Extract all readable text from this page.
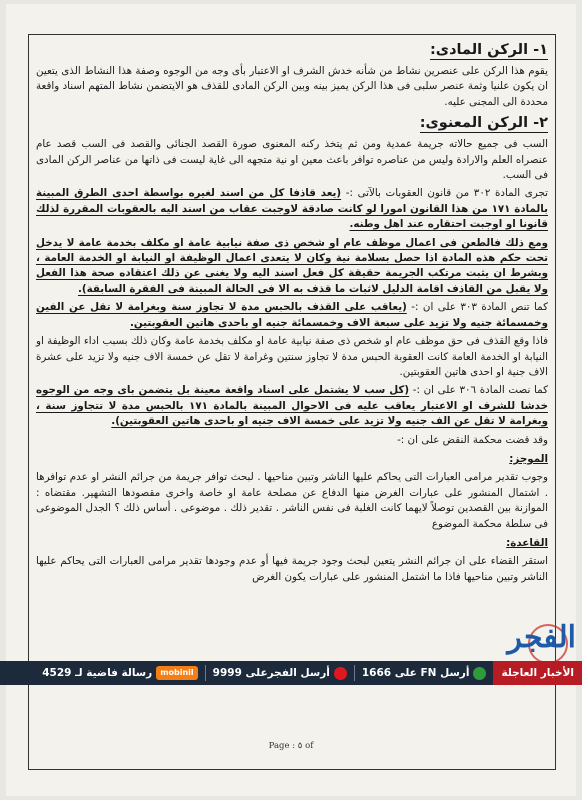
١- الركن المادى:

يقوم هذا الركن على عنصرين نشاط من شأنه خدش الشرف او الاعتبار بأى وجه من الوجوه وصفة هذا النشاط الذى يتعين ان يكون علنيا وثمة عنصر سلبى فى هذا الركن يميز بينه وبين الركن المادى للقذف هو الايتضمن نشاط المتهم اسناد واقعة محددة الى المجنى عليه.

٢- الركن المعنوى:

السب فى جميع حالاته جريمة عمدية ومن ثم يتخذ ركنه المعنوى صورة القصد الجنائى والقصد فى السب قصد عام عنصراه العلم والارادة وليس من عناصره توافر باعث معين او نية متجهه الى غاية ليست فى ذاتها من عناصر الركن المادى فى السب.

تجرى المادة ٣٠٢ من قانون العقوبات بالآتى :- (يعد قاذفا كل من اسند لغيره بواسطة احدى الطرق المبينة بالمادة ١٧١ من هذا القانون امورا لو كانت صادقة لاوجبت عقاب من اسند اليه بالعقوبات المقررة لذلك قانونا او اوجبت احتقاره عند اهل وطنه.

ومع ذلك فالطعن فى اعمال موظف عام او شخص ذى صفة نيابية عامة او مكلف بخدمة عامة لا يدخل تحت حكم هذه المادة اذا حصل بسلامة نية وكان لا يتعدى اعمال الوظيفة او النيابة او الخدمة العامة ، وبشرط ان يثبت مرتكب الجريمة حقيقة كل فعل اسند اليه ولا يغنى عن ذلك اعتقاده صحة هذا الفعل ولا يقبل من القاذف اقامة الدليل لاثبات ما قذف به الا فى الحالة المبينة فى الفقرة السابقة).

كما تنص المادة ٣٠٣ على ان :- (يعاقب على القذف بالحبس مدة لا تجاوز سنة وبغرامة لا تقل عن الفين وخمسمائة جنيه ولا تزيد على سبعة الاف وخمسمائة جنيه او باحدى هاتين العقوبتين.

فاذا وقع القذف فى حق موظف عام او شخص ذى صفة نيابية عامة او مكلف بخدمة عامة وكان ذلك بسبب اداء الوظيفة او النيابة او الخدمة العامة كانت العقوبة الحبس مدة لا تجاوز سنتين وغرامة لا تقل عن خمسة الاف جنيه ولا تزيد على عشرة الاف جنية او احدى هاتين العقوبتين.

كما نصت المادة ٣٠٦ على ان :- (كل سب لا يشتمل على اسناد واقعة معينة بل يتضمن باى وجه من الوجوه خدشا للشرف او الاعتبار يعاقب عليه فى الاحوال المبينة بالمادة ١٧١ بالحبس مدة لا تتجاوز سنة ، وبغرامة لا تقل عن الف جنيه ولا تزيد على خمسة الاف جنيه او باحدى هاتين العقوبتين).

وقد قضت محكمة النقض على ان :-

الموجز:

وجوب تقدير مرامى العبارات التى يحاكم عليها الناشر وتبين مناحيها . لبحث توافر جريمة من جرائم النشر او عدم توافرها . اشتمال المنشور على عبارات الغرض منها الدفاع عن مصلحة عامة او خاصة واخرى مقصودها التشهير. مقتضاه : الموازنة بين القصدين توصلاً لايهما كانت الغلبة فى نفس الناشر . تقدير ذلك . موضوعى . أساس ذلك ؟ الجدل الموضوعى فى سلطة محكمة الموضوع

القاعدة:

استقر القضاء على ان جرائم النشر يتعين لبحث وجود جريمة فيها أو عدم وجودها تقدير مرامى العبارات التى يحاكم عليها الناشر وتبين مناحيها فاذا ما اشتمل المنشور على عبارات يكون الغرض

Page : ٥ of
الفجر
الأخبار العاجلة
أرسل FN على 1666
أرسل الفجرعلى 9999
mobinil
رسالة فاضية لـ 4529
